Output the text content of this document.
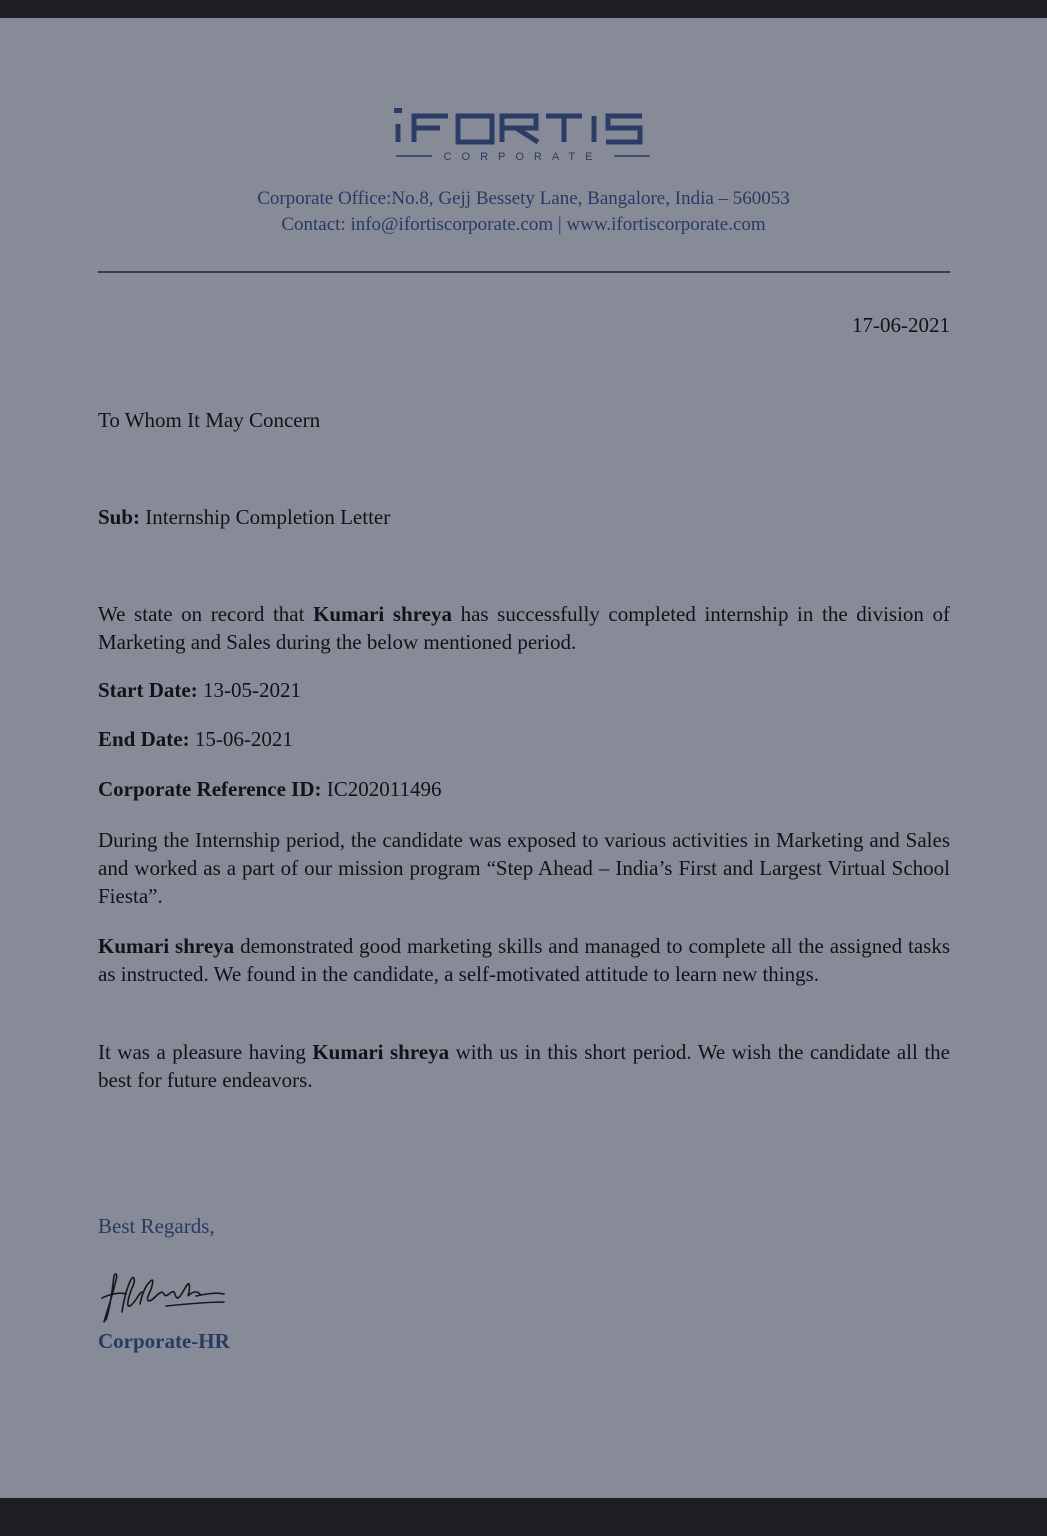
CORPORATE
Corporate Office:No.8, Gejj Bessety Lane, Bangalore, India – 560053
Contact: info@ifortiscorporate.com | www.ifortiscorporate.com
17-06-2021
To Whom It May Concern
Sub: Internship Completion Letter
We state on record that Kumari shreya has successfully completed internship in the division of Marketing and Sales during the below mentioned period.
Start Date: 13-05-2021
End Date: 15-06-2021
Corporate Reference ID: IC202011496
During the Internship period, the candidate was exposed to various activities in Marketing and Sales and worked as a part of our mission program “Step Ahead – India’s First and Largest Virtual School Fiesta”.
Kumari shreya demonstrated good marketing skills and managed to complete all the assigned tasks as instructed. We found in the candidate, a self-motivated attitude to learn new things.
It was a pleasure having Kumari shreya with us in this short period. We wish the candidate all the best for future endeavors.
Best Regards,
Corporate-HR
